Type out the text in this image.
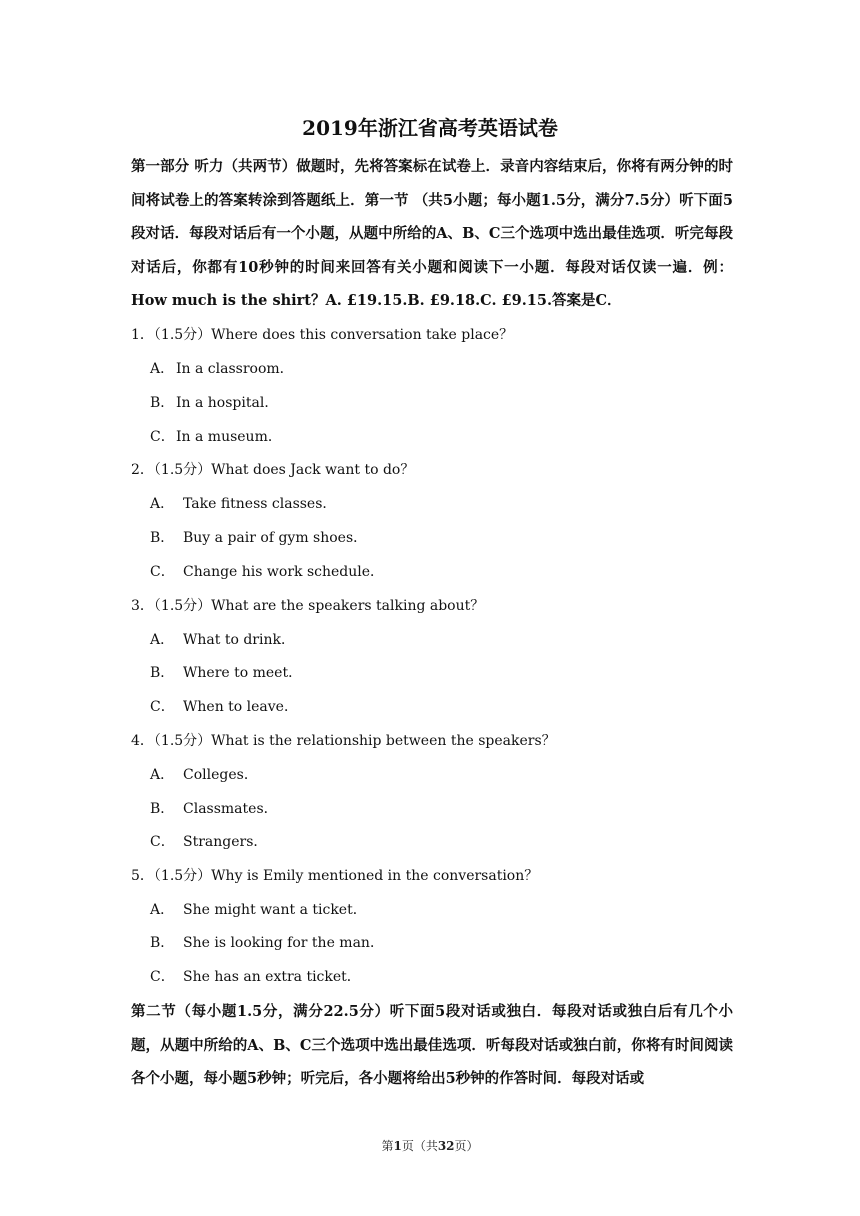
2019年浙江省高考英语试卷
第一部分 听力（共两节）做题时，先将答案标在试卷上．录音内容结束后，你将有两分钟的时间将试卷上的答案转涂到答题纸上．第一节 （共5小题；每小题1.5分，满分7.5分）听下面5段对话．每段对话后有一个小题，从题中所给的A、B、C三个选项中选出最佳选项．听完每段对话后，你都有10秒钟的时间来回答有关小题和阅读下一小题．每段对话仅读一遍．例：How much is the shirt？A. £19.15.B. £9.18.C. £9.15.答案是C．
1．（1.5分）Where does this conversation take place？
A． In a classroom．
B． In a hospital．
C．In a museum．
2．（1.5分）What does Jack want to do？
A． Take fitness classes．
B． Buy a pair of gym shoes．
C． Change his work schedule．
3．（1.5分）What are the speakers talking about？
A． What to drink．
B． Where to meet．
C． When to leave．
4．（1.5分）What is the relationship between the speakers？
A． Colleges．
B． Classmates．
C． Strangers．
5．（1.5分）Why is Emily mentioned in the conversation？
A． She might want a ticket．
B． She is looking for the man．
C． She has an extra ticket．
第二节（每小题1.5分，满分22.5分）听下面5段对话或独白．每段对话或独白后有几个小题，从题中所给的A、B、C三个选项中选出最佳选项．听每段对话或独白前，你将有时间阅读各个小题，每小题5秒钟；听完后，各小题将给出5秒钟的作答时间．每段对话或
第1页（共32页）
